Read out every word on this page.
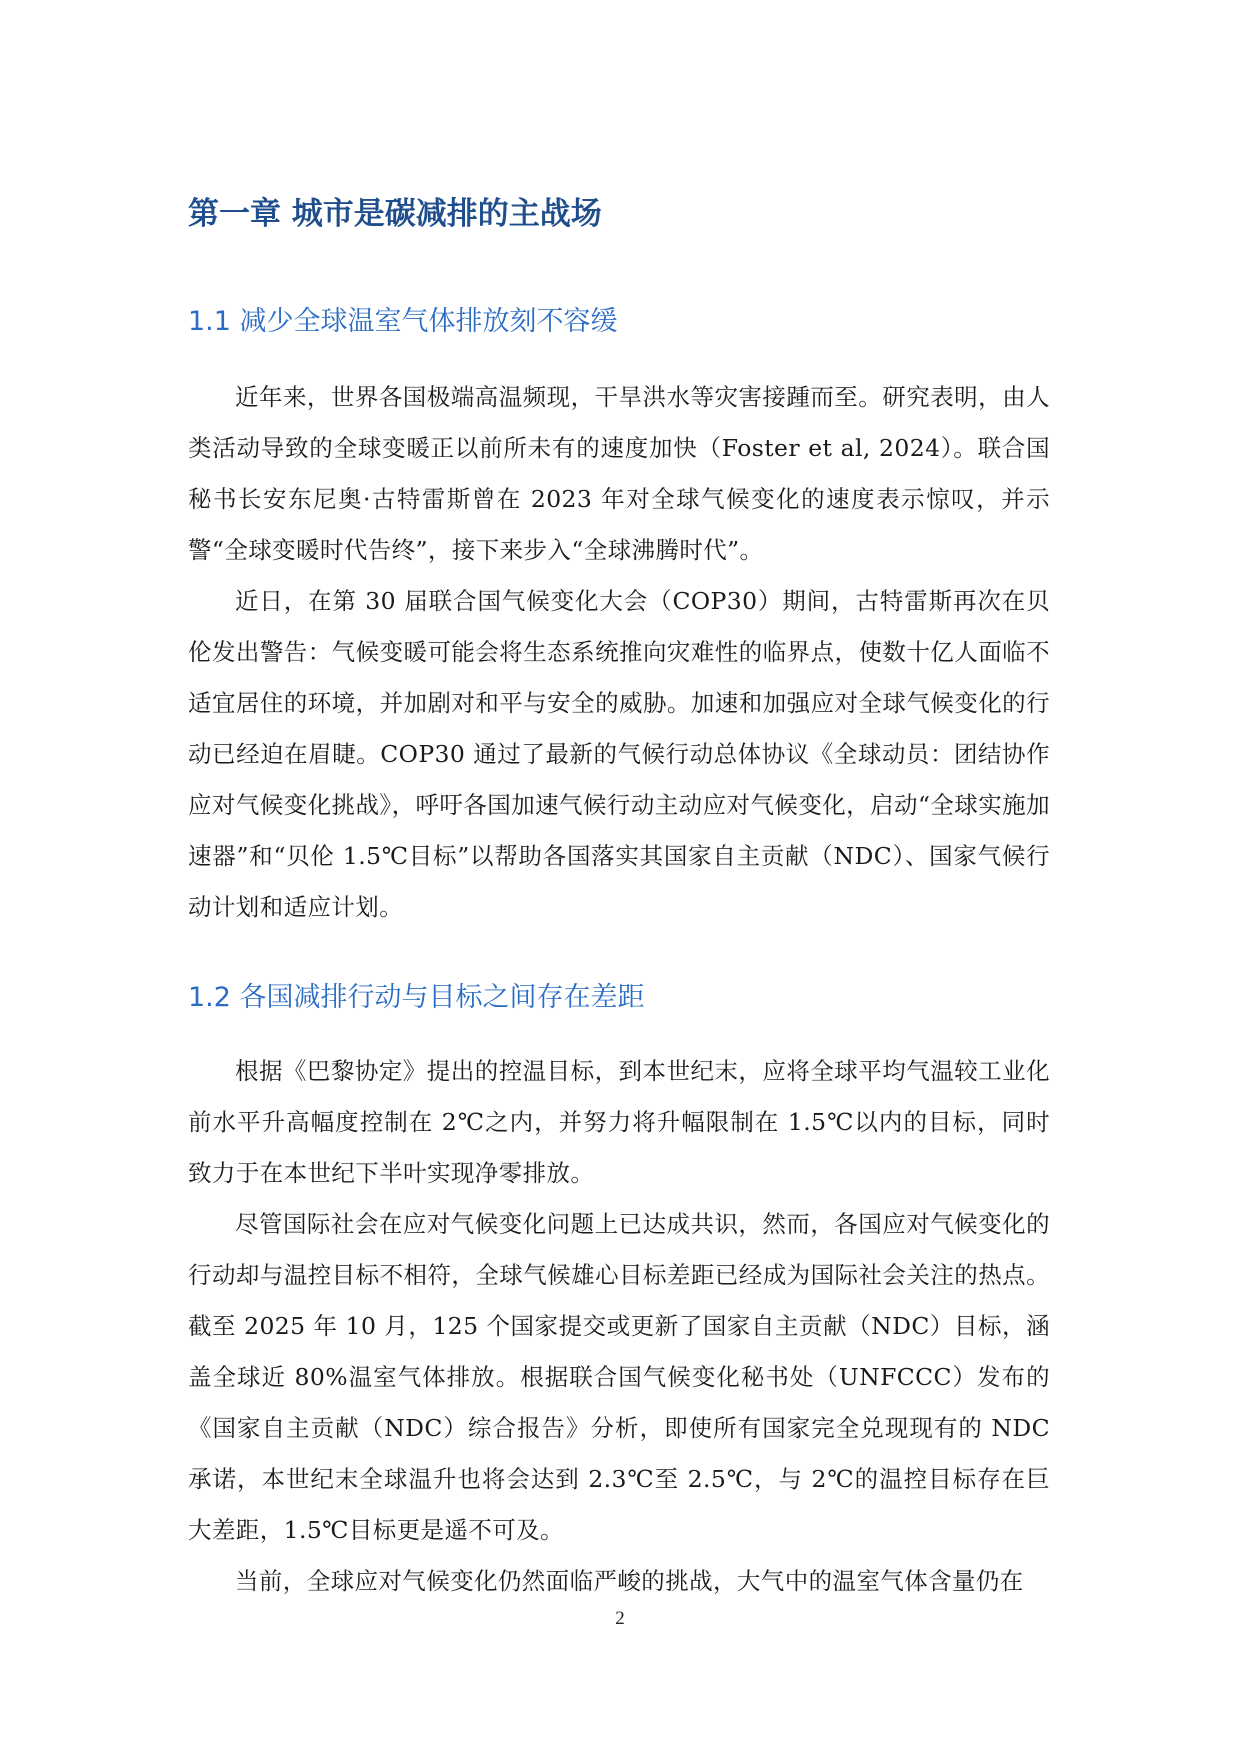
第一章 城市是碳减排的主战场
1.1 减少全球温室气体排放刻不容缓

近年来，世界各国极端高温频现，干旱洪水等灾害接踵而至。研究表明，由人类活动导致的全球变暖正以前所未有的速度加快（Foster et al, 2024）。联合国秘书长安东尼奥·古特雷斯曾在 2023 年对全球气候变化的速度表示惊叹，并示警“全球变暖时代告终”，接下来步入“全球沸腾时代”。

近日，在第 30 届联合国气候变化大会（COP30）期间，古特雷斯再次在贝伦发出警告：气候变暖可能会将生态系统推向灾难性的临界点，使数十亿人面临不适宜居住的环境，并加剧对和平与安全的威胁。加速和加强应对全球气候变化的行动已经迫在眉睫。COP30 通过了最新的气候行动总体协议《全球动员：团结协作应对气候变化挑战》，呼吁各国加速气候行动主动应对气候变化，启动“全球实施加速器”和“贝伦 1.5℃目标”以帮助各国落实其国家自主贡献（NDC）、国家气候行动计划和适应计划。

1.2 各国减排行动与目标之间存在差距

根据《巴黎协定》提出的控温目标，到本世纪末，应将全球平均气温较工业化前水平升高幅度控制在 2℃之内，并努力将升幅限制在 1.5℃以内的目标，同时致力于在本世纪下半叶实现净零排放。

尽管国际社会在应对气候变化问题上已达成共识，然而，各国应对气候变化的行动却与温控目标不相符，全球气候雄心目标差距已经成为国际社会关注的热点。截至 2025 年 10 月，125 个国家提交或更新了国家自主贡献（NDC）目标，涵盖全球近 80%温室气体排放。根据联合国气候变化秘书处（UNFCCC）发布的《国家自主贡献（NDC）综合报告》分析，即使所有国家完全兑现现有的 NDC 承诺，本世纪末全球温升也将会达到 2.3℃至 2.5℃，与 2℃的温控目标存在巨大差距，1.5℃目标更是遥不可及。

当前，全球应对气候变化仍然面临严峻的挑战，大气中的温室气体含量仍在

2
